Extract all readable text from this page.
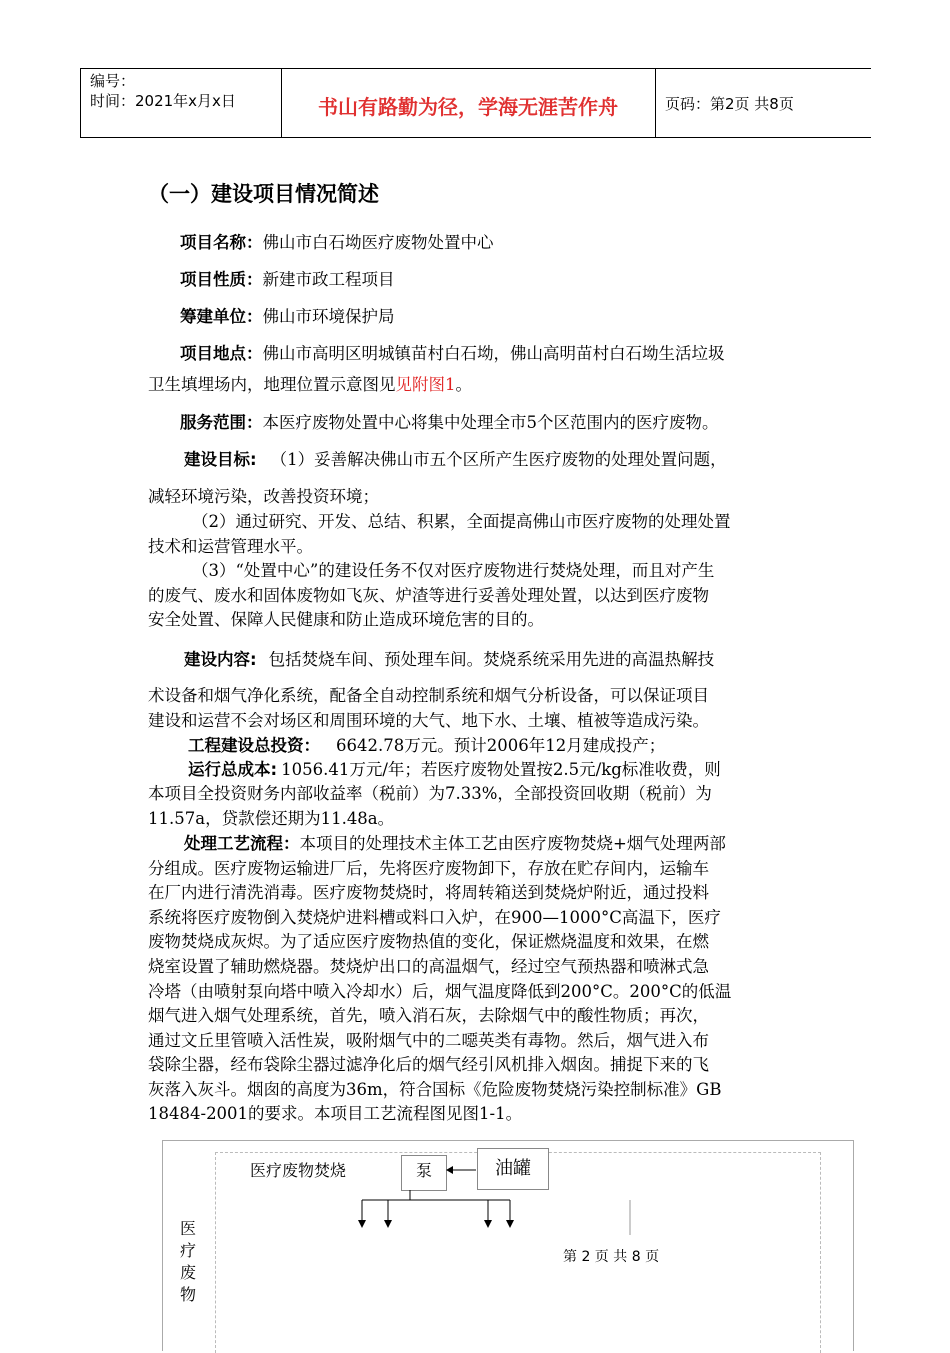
编号：
时间：2021年x月x日	书山有路勤为径，学海无涯苦作舟	页码：第2页 共8页
（一）建设项目情况简述
项目名称：佛山市白石坳医疗废物处置中心
项目性质：新建市政工程项目
筹建单位：佛山市环境保护局
项目地点：佛山市高明区明城镇苗村白石坳，佛山高明苗村白石坳生活垃圾
卫生填埋场内，地理位置示意图见见附图1。
服务范围：本医疗废物处置中心将集中处理全市5个区范围内的医疗废物。
建设目标: （1）妥善解决佛山市五个区所产生医疗废物的处理处置问题，
减轻环境污染，改善投资环境；
（2）通过研究、开发、总结、积累，全面提高佛山市医疗废物的处理处置
技术和运营管理水平。
（3）“处置中心”的建设任务不仅对医疗废物进行焚烧处理，而且对产生
的废气、废水和固体废物如飞灰、炉渣等进行妥善处理处置，以达到医疗废物
安全处置、保障人民健康和防止造成环境危害的目的。
建设内容: 包括焚烧车间、预处理车间。焚烧系统采用先进的高温热解技
术设备和烟气净化系统，配备全自动控制系统和烟气分析设备，可以保证项目
建设和运营不会对场区和周围环境的大气、地下水、土壤、植被等造成污染。
工程建设总投资： 6642.78万元。预计2006年12月建成投产；
运行总成本: 1056.41万元/年；若医疗废物处置按2.5元/kg标准收费，则
本项目全投资财务内部收益率（税前）为7.33%，全部投资回收期（税前）为
11.57a，贷款偿还期为11.48a。
处理工艺流程：本项目的处理技术主体工艺由医疗废物焚烧+烟气处理两部
分组成。医疗废物运输进厂后，先将医疗废物卸下，存放在贮存间内，运输车
在厂内进行清洗消毒。医疗废物焚烧时，将周转箱送到焚烧炉附近，通过投料
系统将医疗废物倒入焚烧炉进料槽或料口入炉，在900—1000°C高温下，医疗
废物焚烧成灰烬。为了适应医疗废物热值的变化，保证燃烧温度和效果，在燃
烧室设置了辅助燃烧器。焚烧炉出口的高温烟气，经过空气预热器和喷淋式急
冷塔（由喷射泵向塔中喷入冷却水）后，烟气温度降低到200°C。200°C的低温
烟气进入烟气处理系统，首先，喷入消石灰，去除烟气中的酸性物质；再次，
通过文丘里管喷入活性炭，吸附烟气中的二噁英类有毒物。然后，烟气进入布
袋除尘器，经布袋除尘器过滤净化后的烟气经引风机排入烟囱。捕捉下来的飞
灰落入灰斗。烟囱的高度为36m，符合国标《危险废物焚烧污染控制标准》GB
18484-2001的要求。本项目工艺流程图见图1-1。
医疗废物焚烧	泵	油罐
医
疗
废
物
第 2 页 共 8 页
